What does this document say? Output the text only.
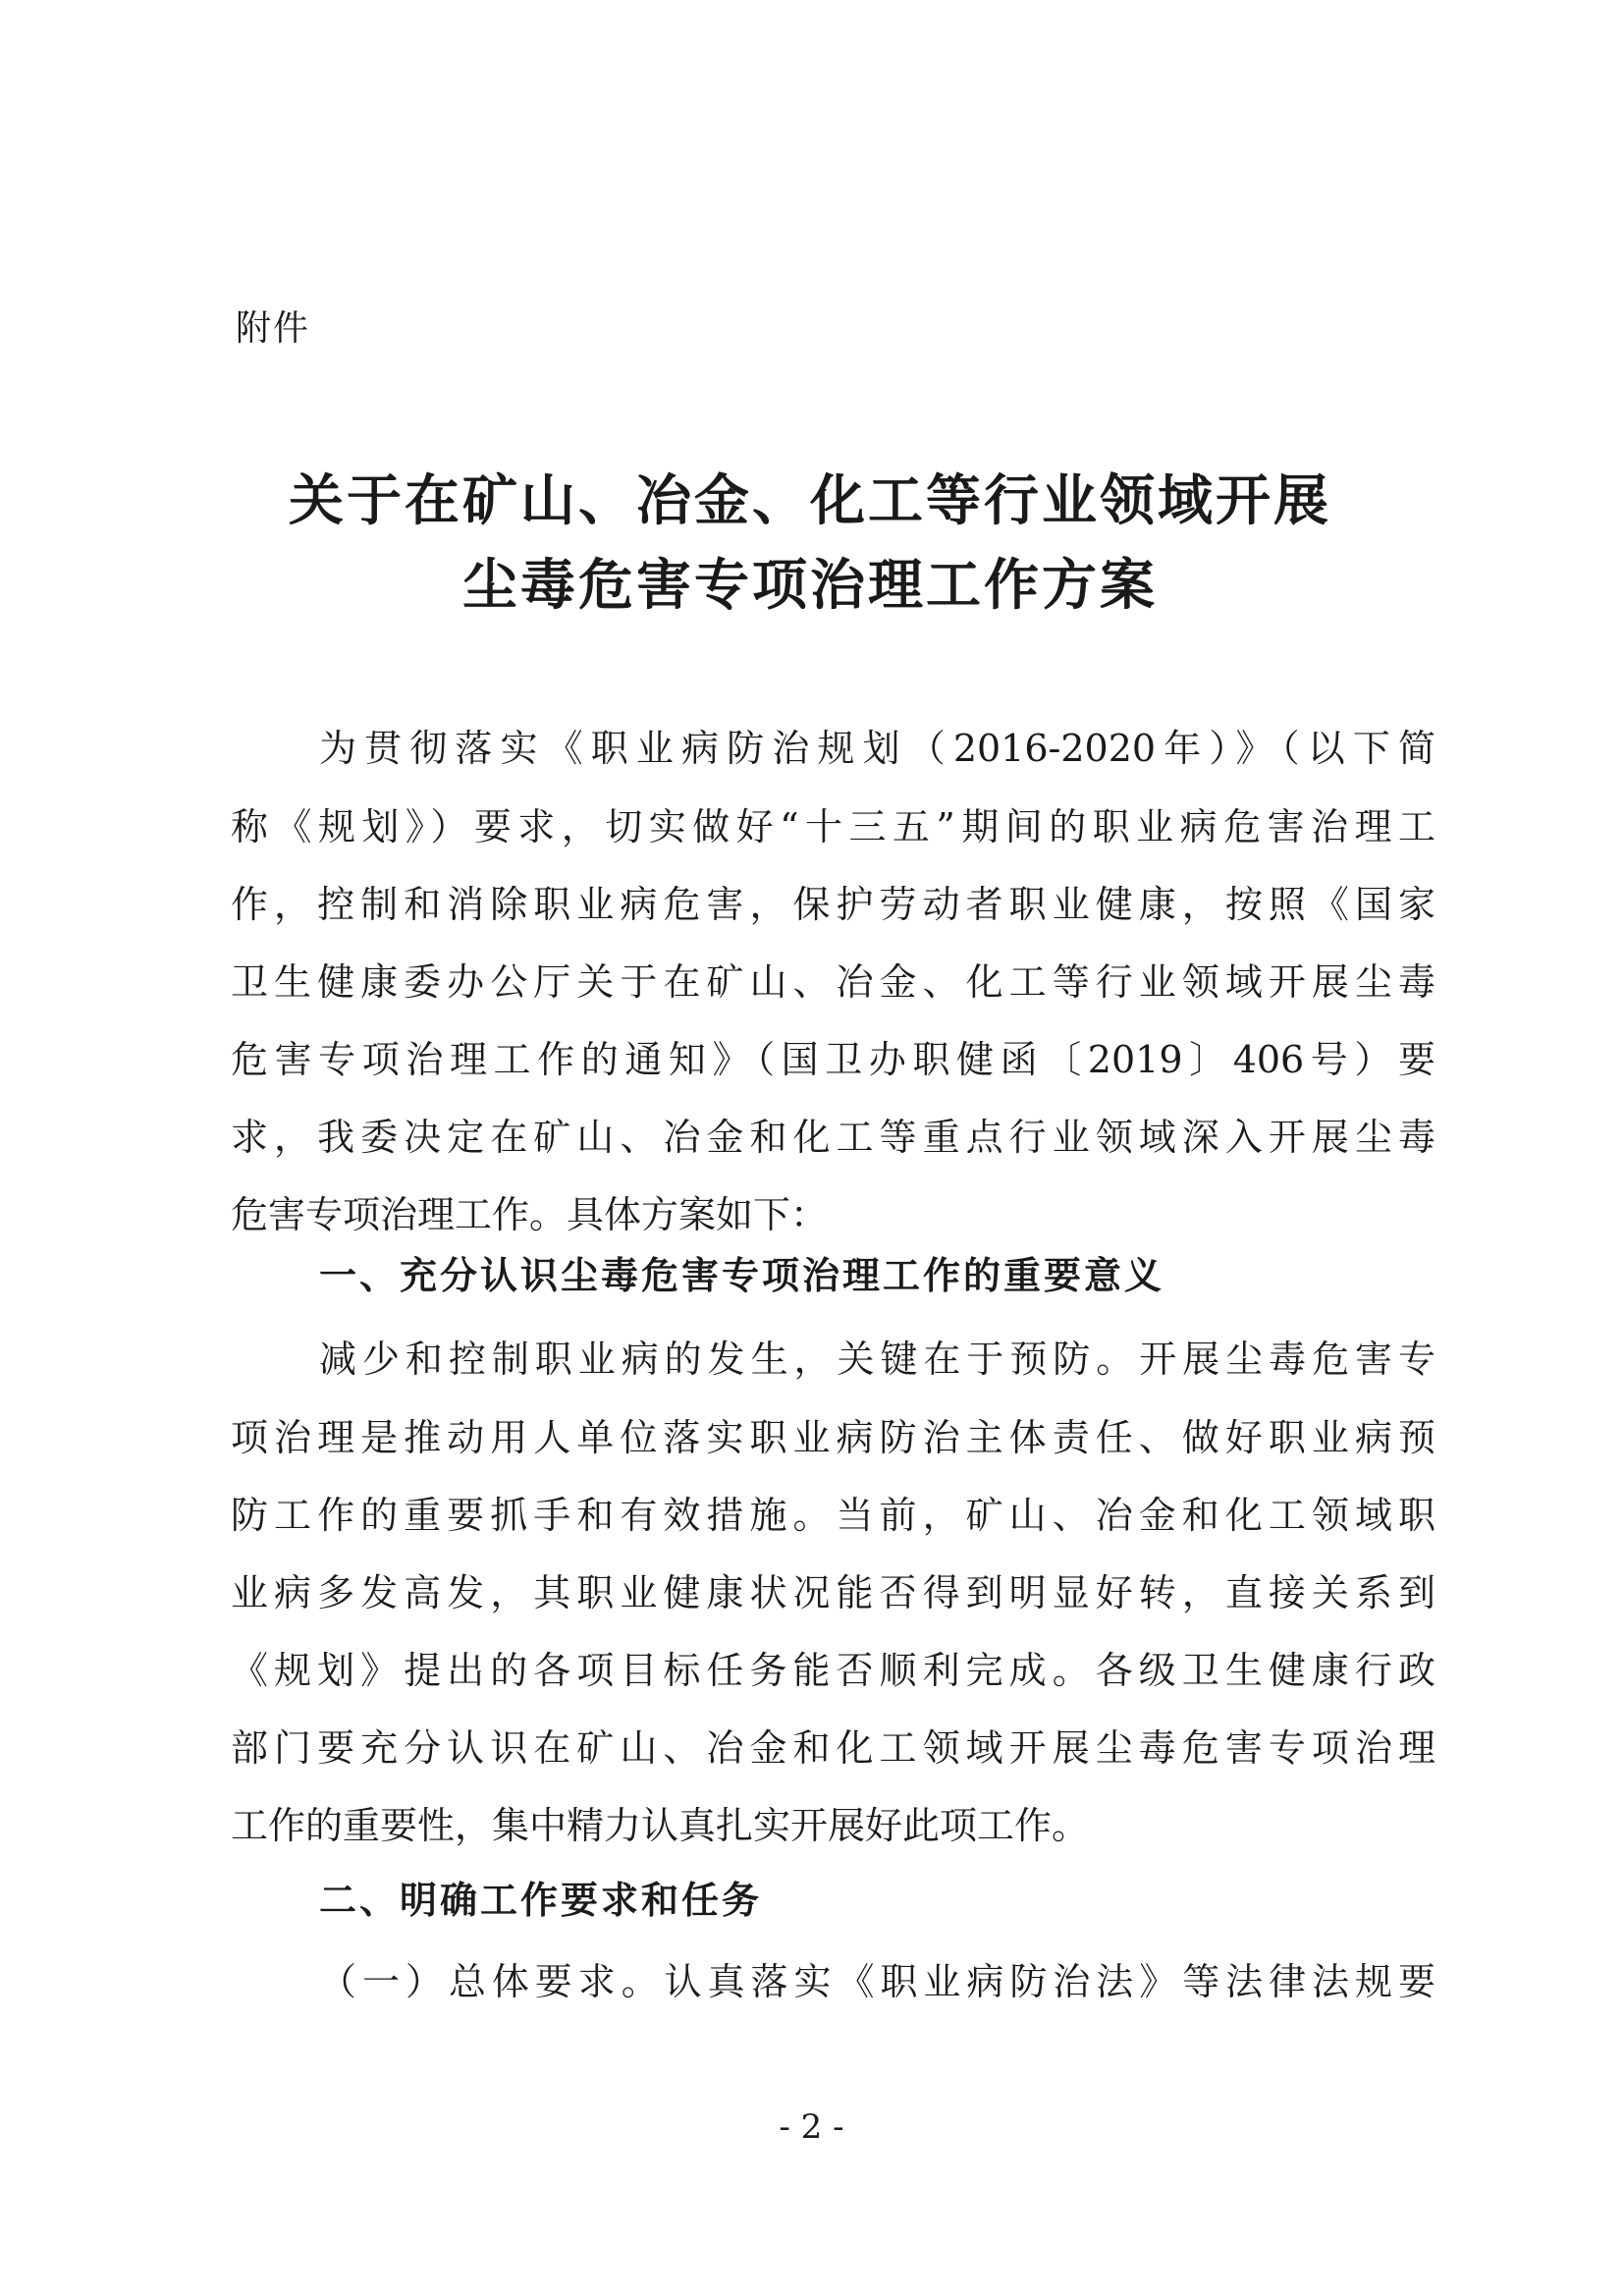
附件
关于在矿山、冶金、化工等行业领域开展
尘毒危害专项治理工作方案
为贯彻落实《职业病防治规划（2016-2020年）》（以下简
称《规划》）要求，切实做好“十三五”期间的职业病危害治理工
作，控制和消除职业病危害，保护劳动者职业健康，按照《国家
卫生健康委办公厅关于在矿山、冶金、化工等行业领域开展尘毒
危害专项治理工作的通知》（国卫办职健函〔2019〕406号）要
求，我委决定在矿山、冶金和化工等重点行业领域深入开展尘毒
危害专项治理工作。具体方案如下：
一、充分认识尘毒危害专项治理工作的重要意义
减少和控制职业病的发生，关键在于预防。开展尘毒危害专
项治理是推动用人单位落实职业病防治主体责任、做好职业病预
防工作的重要抓手和有效措施。当前，矿山、冶金和化工领域职
业病多发高发，其职业健康状况能否得到明显好转，直接关系到
《规划》提出的各项目标任务能否顺利完成。各级卫生健康行政
部门要充分认识在矿山、冶金和化工领域开展尘毒危害专项治理
工作的重要性，集中精力认真扎实开展好此项工作。
二、明确工作要求和任务
（一）总体要求。认真落实《职业病防治法》等法律法规要
- 2 -
